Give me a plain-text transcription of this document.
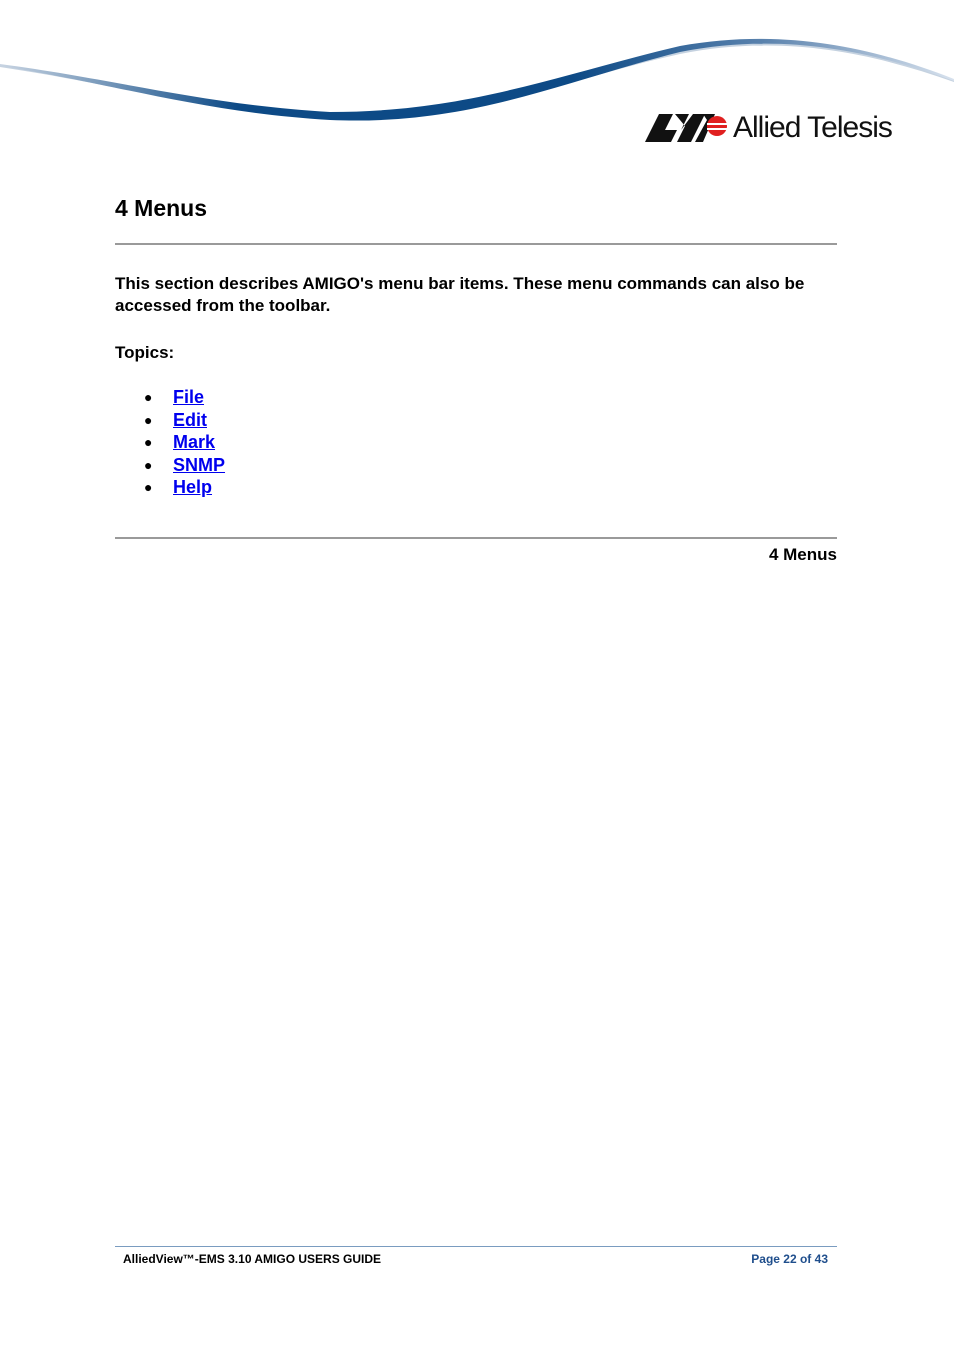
Allied Telesis
4 Menus

This section describes AMIGO's menu bar items. These menu commands can also be accessed from the toolbar.

Topics:

● File
● Edit
● Mark
● SNMP
● Help
4 Menus
AlliedView™-EMS 3.10 AMIGO USERS GUIDE	Page 22 of 43
